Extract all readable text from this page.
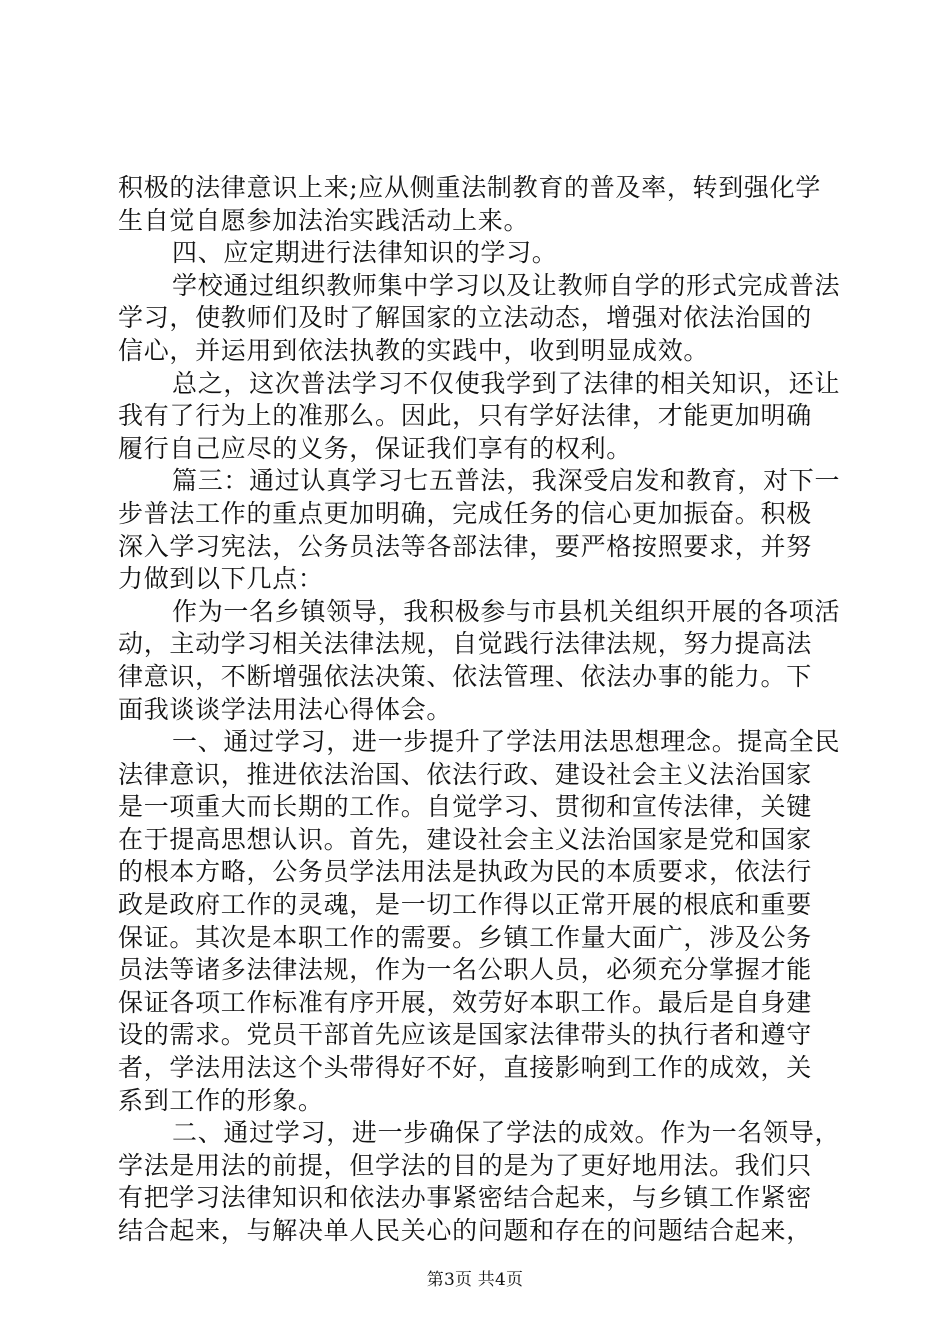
积极的法律意识上来;应从侧重法制教育的普及率，转到强化学
生自觉自愿参加法治实践活动上来。
四、应定期进行法律知识的学习。
学校通过组织教师集中学习以及让教师自学的形式完成普法
学习，使教师们及时了解国家的立法动态，增强对依法治国的
信心，并运用到依法执教的实践中，收到明显成效。
总之，这次普法学习不仅使我学到了法律的相关知识，还让
我有了行为上的准那么。因此，只有学好法律，才能更加明确
履行自己应尽的义务，保证我们享有的权利。
篇三：通过认真学习七五普法，我深受启发和教育，对下一
步普法工作的重点更加明确，完成任务的信心更加振奋。积极
深入学习宪法，公务员法等各部法律，要严格按照要求，并努
力做到以下几点：
作为一名乡镇领导，我积极参与市县机关组织开展的各项活
动，主动学习相关法律法规，自觉践行法律法规，努力提高法
律意识，不断增强依法决策、依法管理、依法办事的能力。下
面我谈谈学法用法心得体会。
一、通过学习，进一步提升了学法用法思想理念。提高全民
法律意识，推进依法治国、依法行政、建设社会主义法治国家
是一项重大而长期的工作。自觉学习、贯彻和宣传法律，关键
在于提高思想认识。首先，建设社会主义法治国家是党和国家
的根本方略，公务员学法用法是执政为民的本质要求，依法行
政是政府工作的灵魂，是一切工作得以正常开展的根底和重要
保证。其次是本职工作的需要。乡镇工作量大面广，涉及公务
员法等诸多法律法规，作为一名公职人员，必须充分掌握才能
保证各项工作标准有序开展，效劳好本职工作。最后是自身建
设的需求。党员干部首先应该是国家法律带头的执行者和遵守
者，学法用法这个头带得好不好，直接影响到工作的成效，关
系到工作的形象。
二、通过学习，进一步确保了学法的成效。作为一名领导，
学法是用法的前提，但学法的目的是为了更好地用法。我们只
有把学习法律知识和依法办事紧密结合起来，与乡镇工作紧密
结合起来，与解决单人民关心的问题和存在的问题结合起来，
第3页 共4页
